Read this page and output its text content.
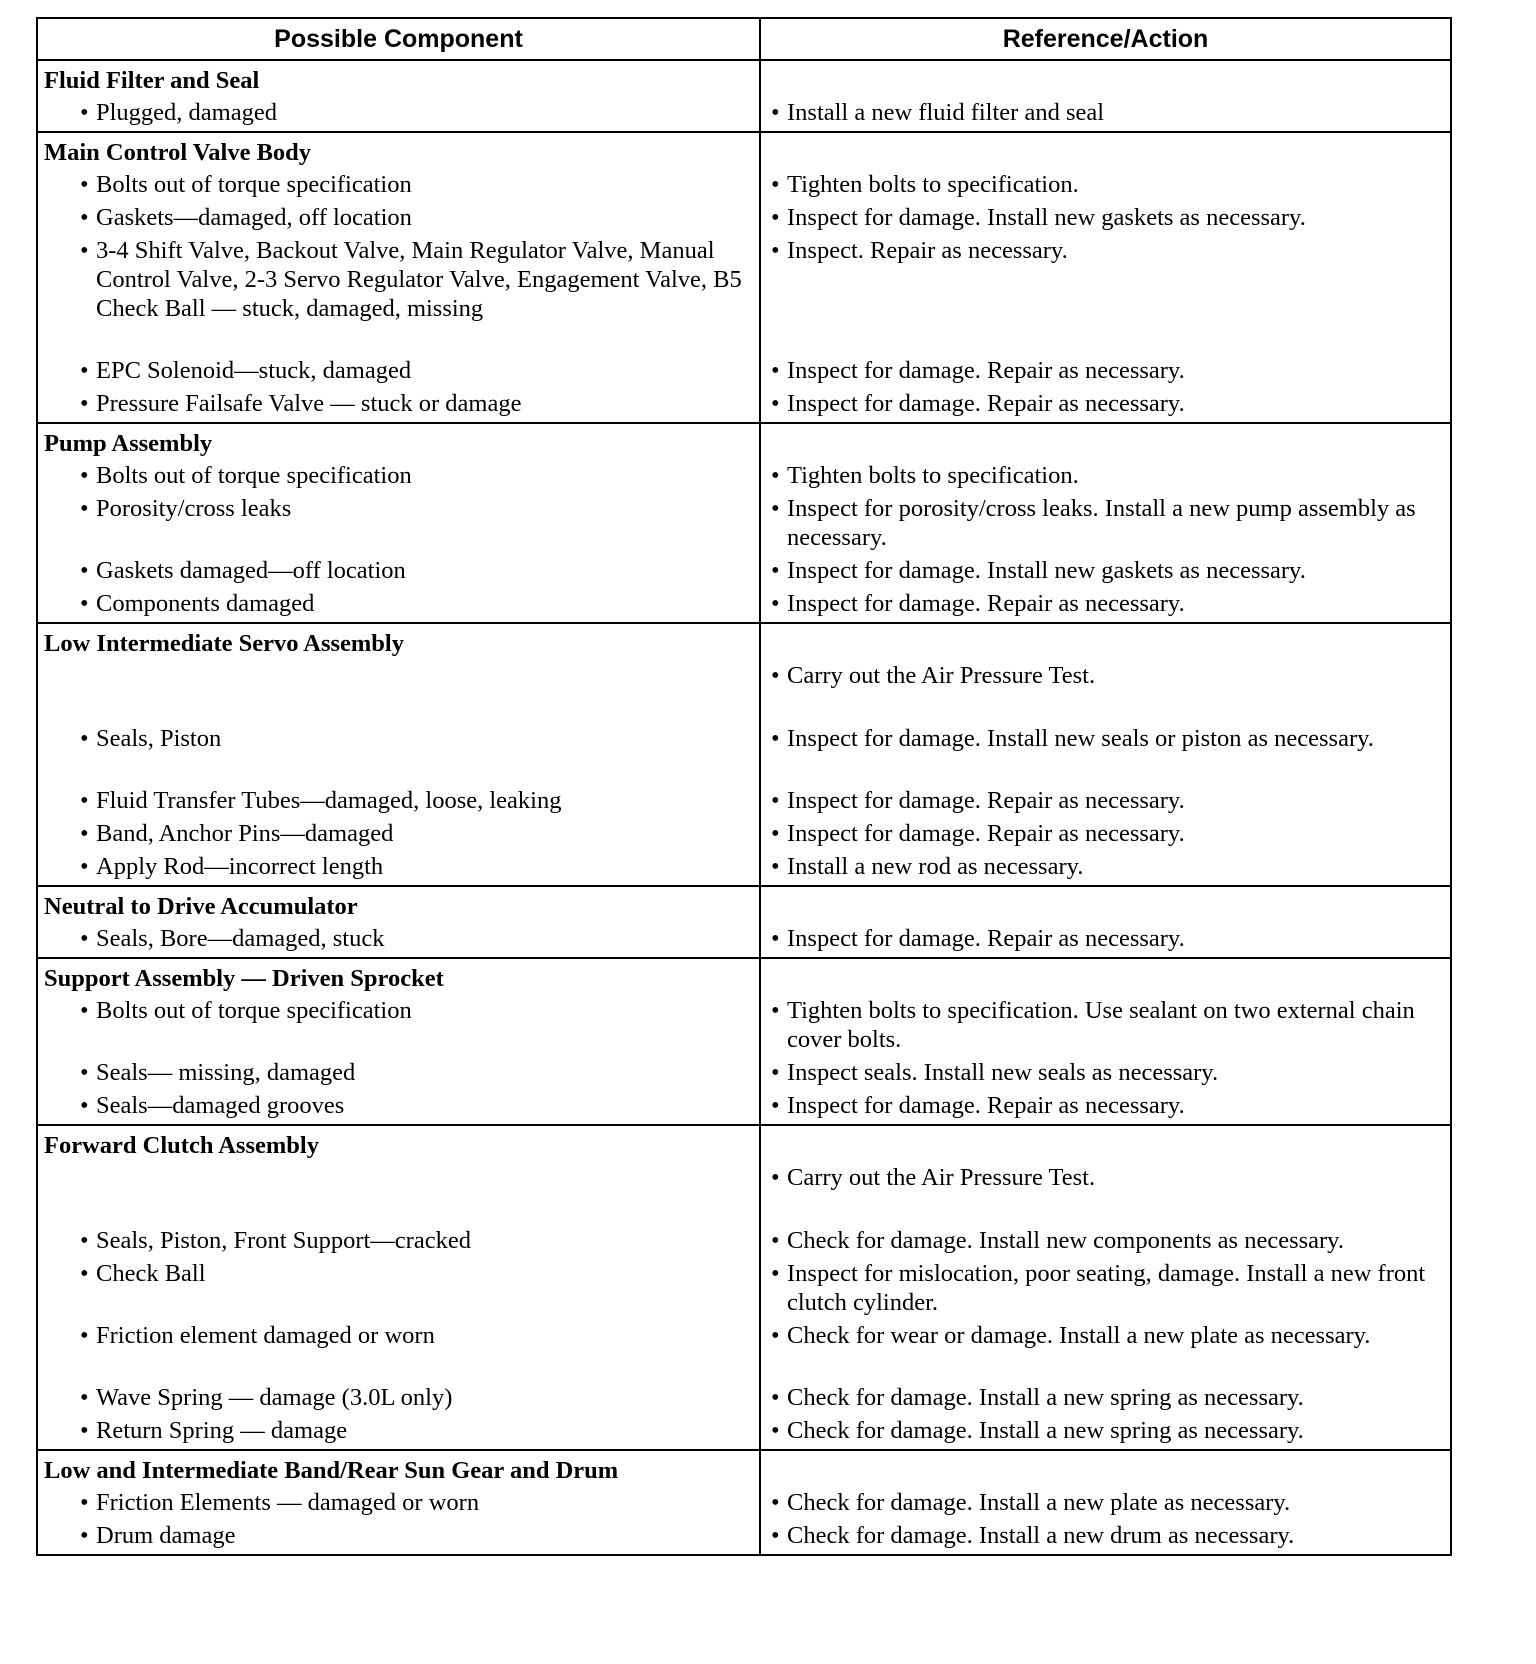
Possible Component	Reference/Action

Fluid Filter and Seal	

• Plugged, damaged	• Install a new fluid filter and seal

Main Control Valve Body	

• Bolts out of torque specification	• Tighten bolts to specification.

• Gaskets—damaged, off location	• Inspect for damage. Install new gaskets as necessary.

• 3-4 Shift Valve, Backout Valve, Main Regulator Valve, Manual Control Valve, 2-3 Servo Regulator Valve, Engagement Valve, B5 Check Ball — stuck, damaged, missing	• Inspect. Repair as necessary.

• EPC Solenoid—stuck, damaged	• Inspect for damage. Repair as necessary.

• Pressure Failsafe Valve — stuck or damage	• Inspect for damage. Repair as necessary.

Pump Assembly	

• Bolts out of torque specification	• Tighten bolts to specification.

• Porosity/cross leaks	• Inspect for porosity/cross leaks. Install a new pump assembly as necessary.

• Gaskets damaged—off location	• Inspect for damage. Install new gaskets as necessary.

• Components damaged	• Inspect for damage. Repair as necessary.

Low Intermediate Servo Assembly	

	• Carry out the Air Pressure Test.

• Seals, Piston	• Inspect for damage. Install new seals or piston as necessary.

• Fluid Transfer Tubes—damaged, loose, leaking	• Inspect for damage. Repair as necessary.

• Band, Anchor Pins—damaged	• Inspect for damage. Repair as necessary.

• Apply Rod—incorrect length	• Install a new rod as necessary.

Neutral to Drive Accumulator	

• Seals, Bore—damaged, stuck	• Inspect for damage. Repair as necessary.

Support Assembly — Driven Sprocket	

• Bolts out of torque specification	• Tighten bolts to specification. Use sealant on two external chain cover bolts.

• Seals— missing, damaged	• Inspect seals. Install new seals as necessary.

• Seals—damaged grooves	• Inspect for damage. Repair as necessary.

Forward Clutch Assembly	

	• Carry out the Air Pressure Test.

• Seals, Piston, Front Support—cracked	• Check for damage. Install new components as necessary.

• Check Ball	• Inspect for mislocation, poor seating, damage. Install a new front clutch cylinder.

• Friction element damaged or worn	• Check for wear or damage. Install a new plate as necessary.

• Wave Spring — damage (3.0L only)	• Check for damage. Install a new spring as necessary.

• Return Spring — damage	• Check for damage. Install a new spring as necessary.

Low and Intermediate Band/Rear Sun Gear and Drum	

• Friction Elements — damaged or worn	• Check for damage. Install a new plate as necessary.

• Drum damage	• Check for damage. Install a new drum as necessary.
